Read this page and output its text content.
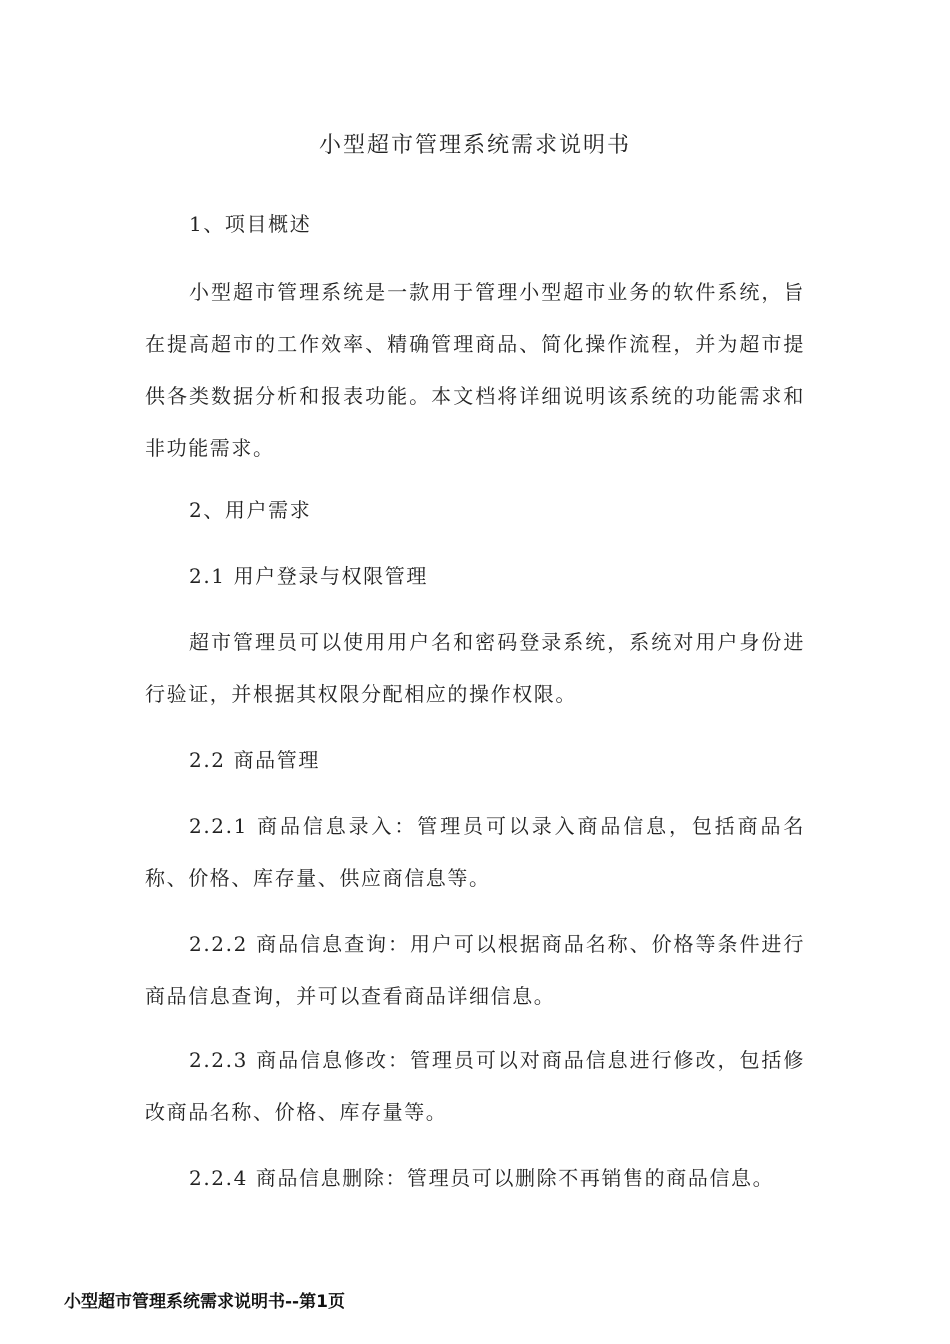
小型超市管理系统需求说明书
1、项目概述
小型超市管理系统是一款用于管理小型超市业务的软件系统，旨在提高超市的工作效率、精确管理商品、简化操作流程，并为超市提供各类数据分析和报表功能。本文档将详细说明该系统的功能需求和非功能需求。
2、用户需求
2.1 用户登录与权限管理
超市管理员可以使用用户名和密码登录系统，系统对用户身份进行验证，并根据其权限分配相应的操作权限。
2.2 商品管理
2.2.1 商品信息录入：管理员可以录入商品信息，包括商品名称、价格、库存量、供应商信息等。
2.2.2 商品信息查询：用户可以根据商品名称、价格等条件进行商品信息查询，并可以查看商品详细信息。
2.2.3 商品信息修改：管理员可以对商品信息进行修改，包括修改商品名称、价格、库存量等。
2.2.4 商品信息删除：管理员可以删除不再销售的商品信息。
小型超市管理系统需求说明书--第1页
